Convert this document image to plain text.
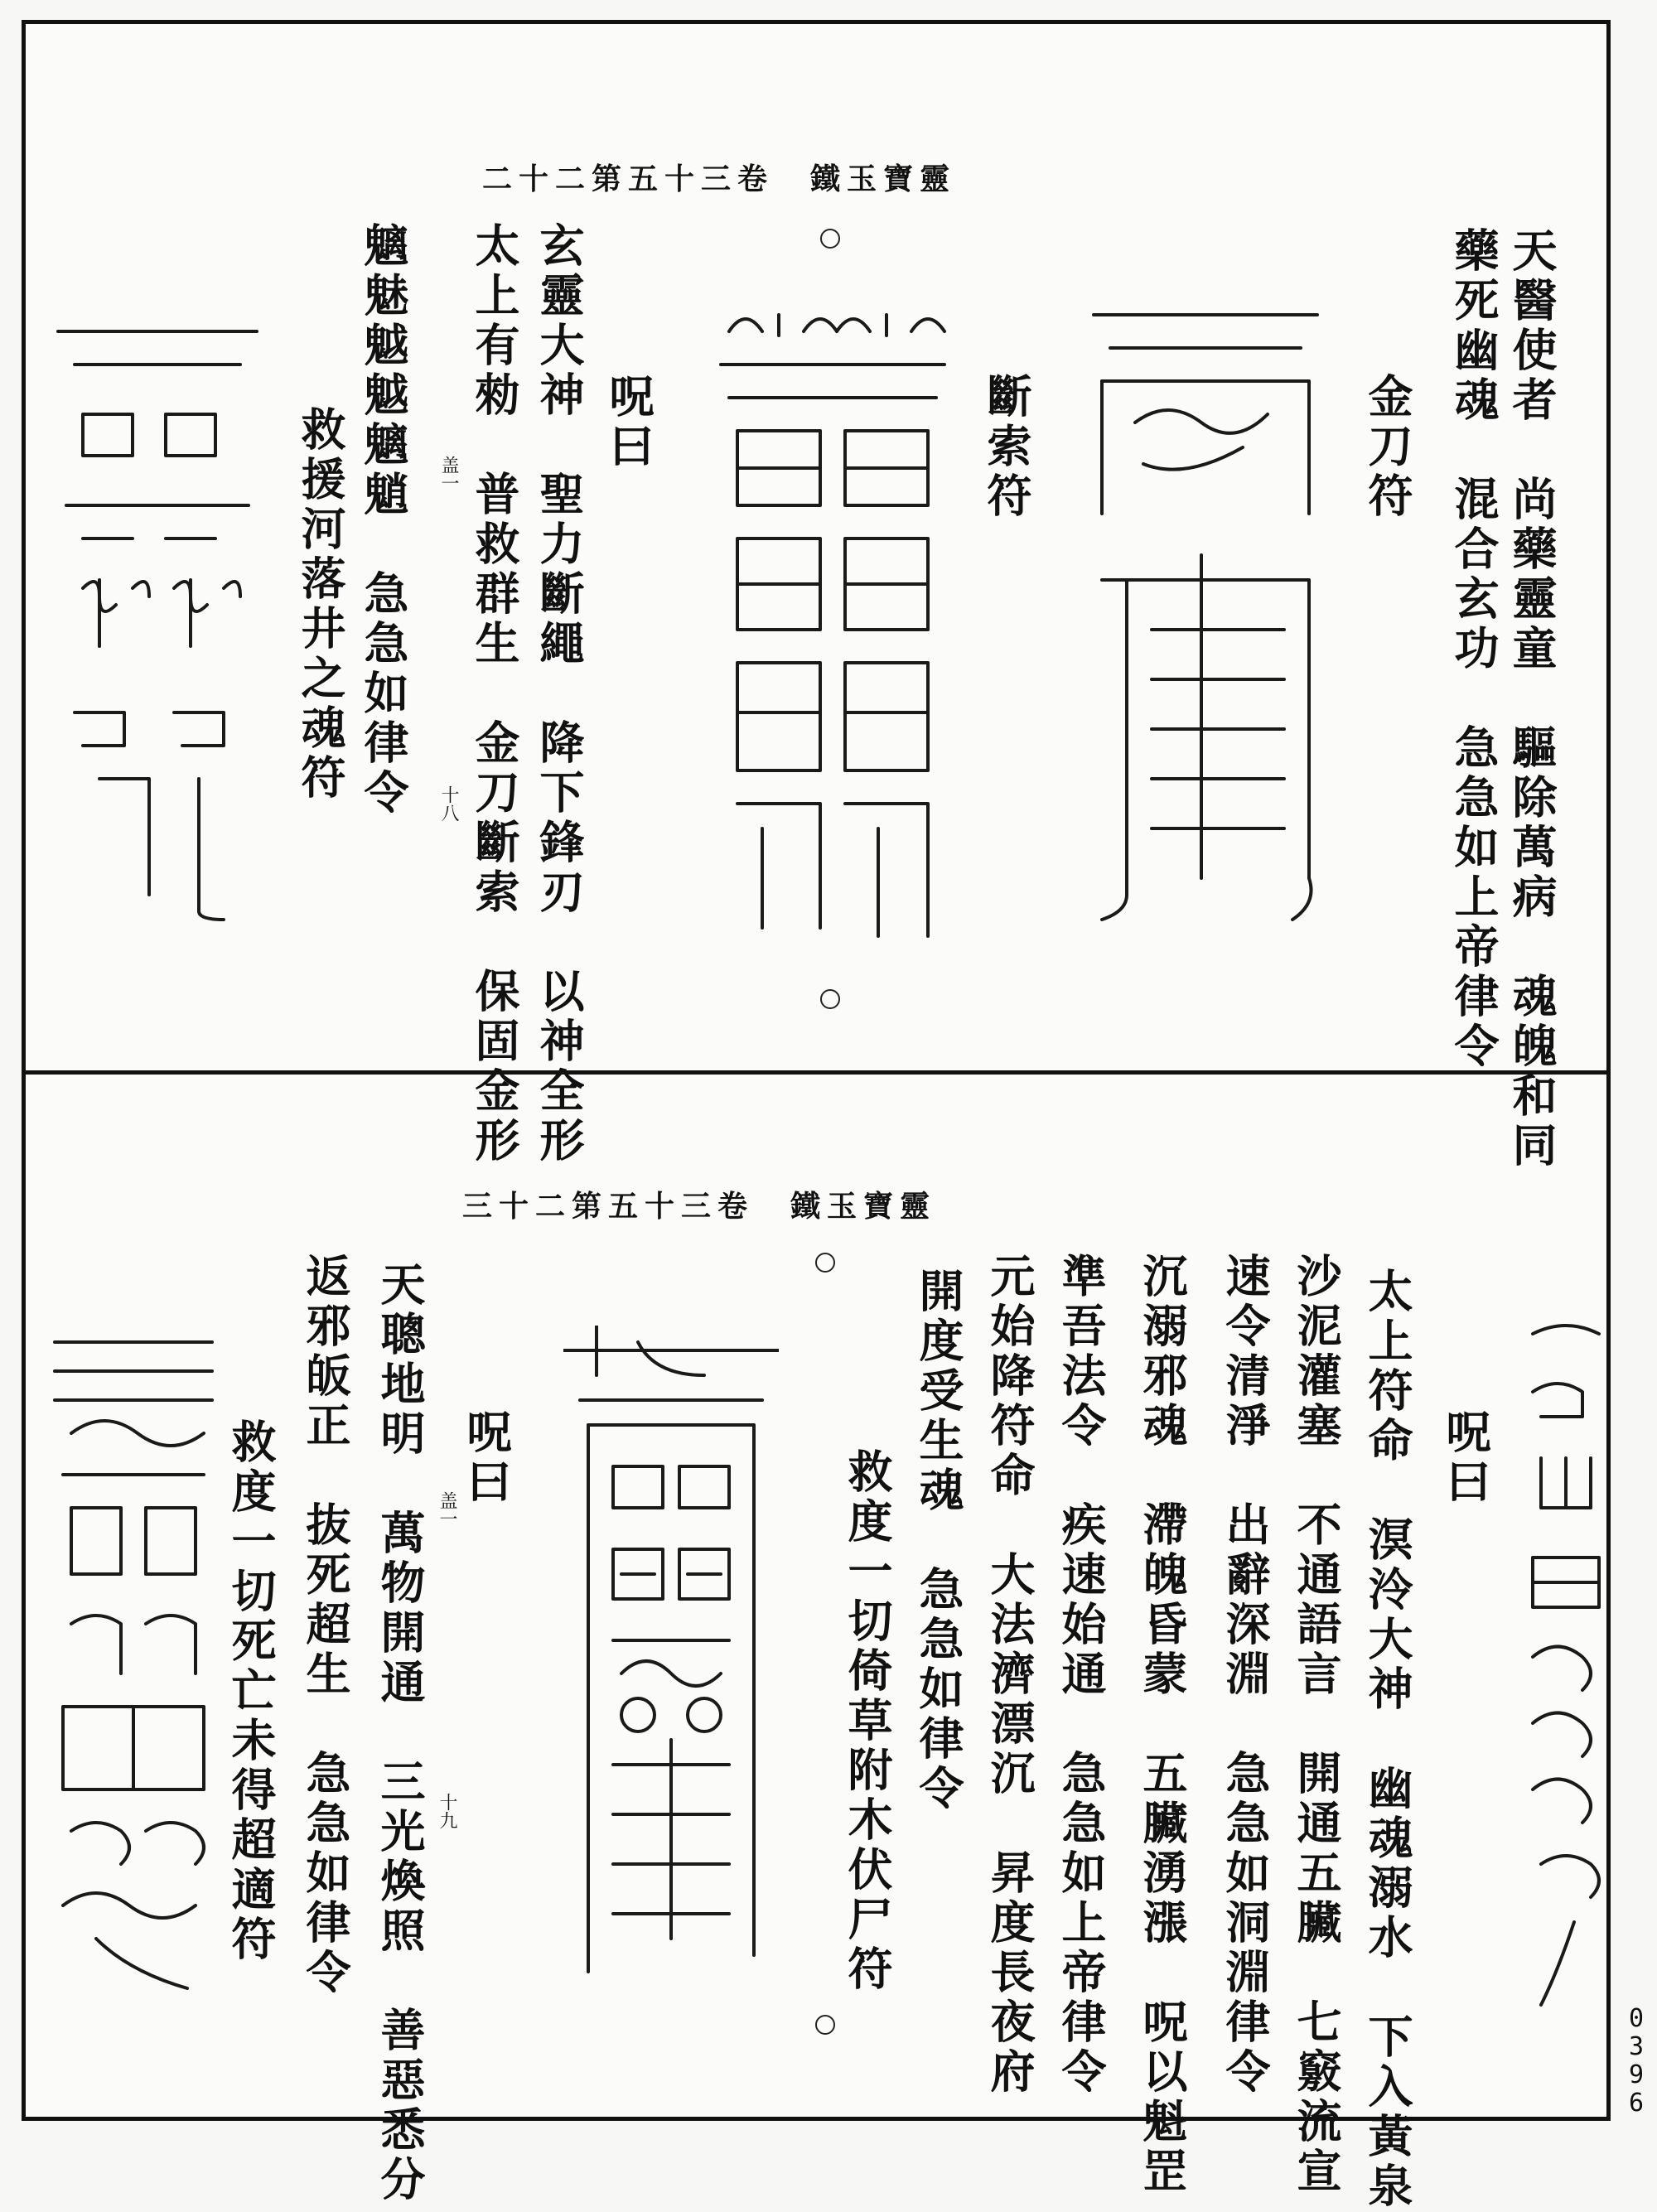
二十二第五十三卷　鐵玉寶靈
天醫使者　尚藥靈童　驅除萬病　魂魄和同
藥死幽魂　混合玄功　急急如上帝律令
金刀符
斷索符
呪曰
玄靈大神　聖力斷繩　降下鋒刃　以神全形
太上有勑　普救群生　金刀斷索　保固金形
魑魅魆魆魑魈　急急如律令
救援河落井之魂符	盖一
十八
三十二第五十三卷　鐵玉寶靈
呪曰
太上符命　溟泠大神　幽魂溺水　下入黃泉
沙泥灌塞　不通語言　開通五臟　七竅流宣
速令清淨　出辭深淵　急急如洞淵律令
沉溺邪魂　滯魄昏蒙　五臟湧漲　呪以魁罡
準吾法令　疾速始通　急急如上帝律令
元始降符命　大法濟漂沉　昇度長夜府
開度受生魂　急急如律令
救度一切倚草附木伏尸符
呪曰
天聰地明　萬物開通　三光煥照　善惡悉分
返邪皈正　抜死超生　急急如律令
救度一切死亡未得超適符	盖一
十九
0
3
9
6
